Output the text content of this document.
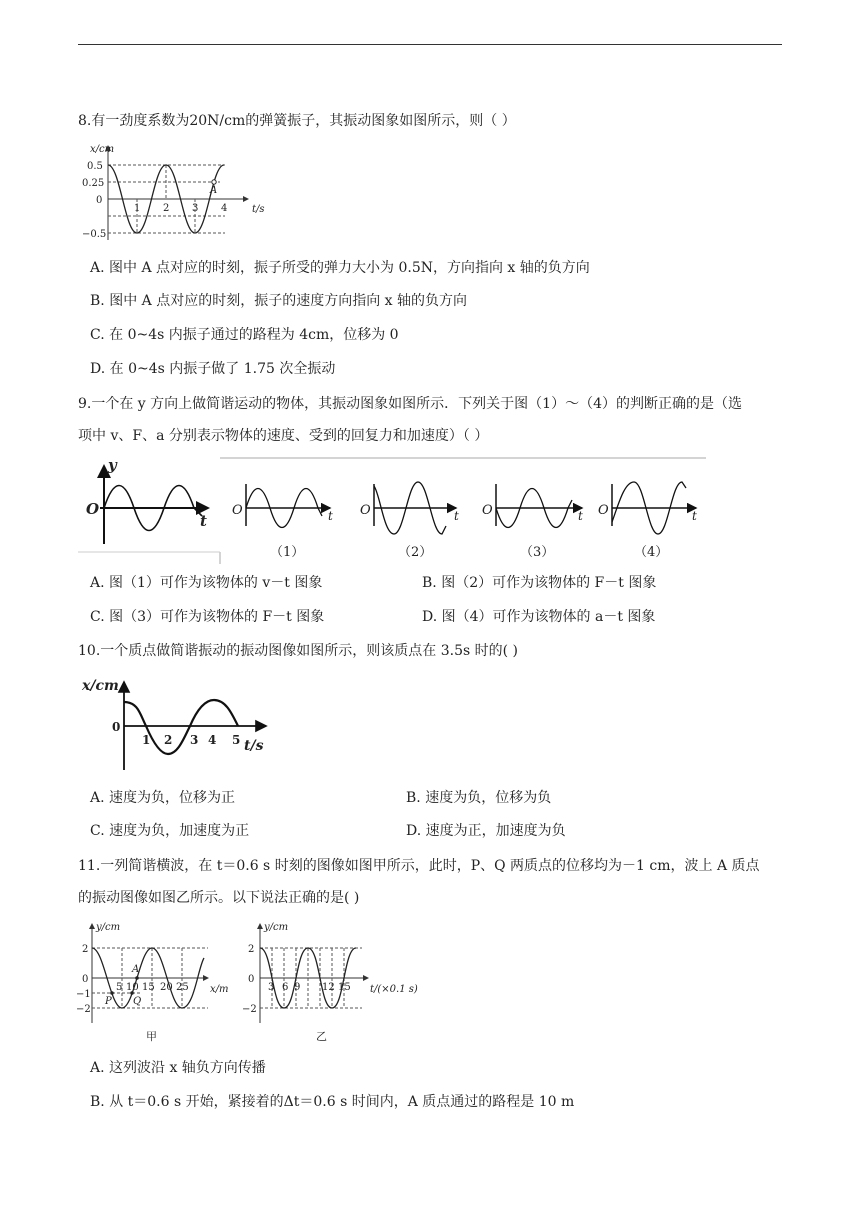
8.有一劲度系数为20N/cm的弹簧振子，其振动图象如图所示，则（ ）
x/cm
t/s
0.5
0.25
0
−0.5
1 2 3 4
A
A. 图中 A 点对应的时刻，振子所受的弹力大小为 0.5N，方向指向 x 轴的负方向
B. 图中 A 点对应的时刻，振子的速度方向指向 x 轴的负方向
C. 在 0~4s 内振子通过的路程为 4cm，位移为 0
D. 在 0~4s 内振子做了 1.75 次全振动
9.一个在 y 方向上做简谐运动的物体，其振动图象如图所示．下列关于图（1）～（4）的判断正确的是（选
项中 v、F、a 分别表示物体的速度、受到的回复力和加速度）（ ）
y
t
O	O	t
（1）
O	t
（2）
O	t
（3）
O	t
（4）
A. 图（1）可作为该物体的 v－t 图象	B. 图（2）可作为该物体的 F－t 图象
C. 图（3）可作为该物体的 F－t 图象	D. 图（4）可作为该物体的 a－t 图象
10.一个质点做简谐振动的振动图像如图所示，则该质点在 3.5s 时的( )
x/cm
0
1 2 3 4 5 t/s
A. 速度为负，位移为正	B. 速度为负，位移为负
C. 速度为负，加速度为正	D. 速度为正，加速度为负
11.一列简谐横波，在 t＝0.6 s 时刻的图像如图甲所示，此时，P、Q 两质点的位移均为－1 cm，波上 A 质点
的振动图像如图乙所示。以下说法正确的是( )
y/cm
x/m
2
0
−1
−2
5 10 15 20 25
A
P Q
甲
y/cm
t/(×0.1 s)
2
0
−2
3 6 9 12 15
乙
A. 这列波沿 x 轴负方向传播
B. 从 t＝0.6 s 开始，紧接着的Δt＝0.6 s 时间内，A 质点通过的路程是 10 m
